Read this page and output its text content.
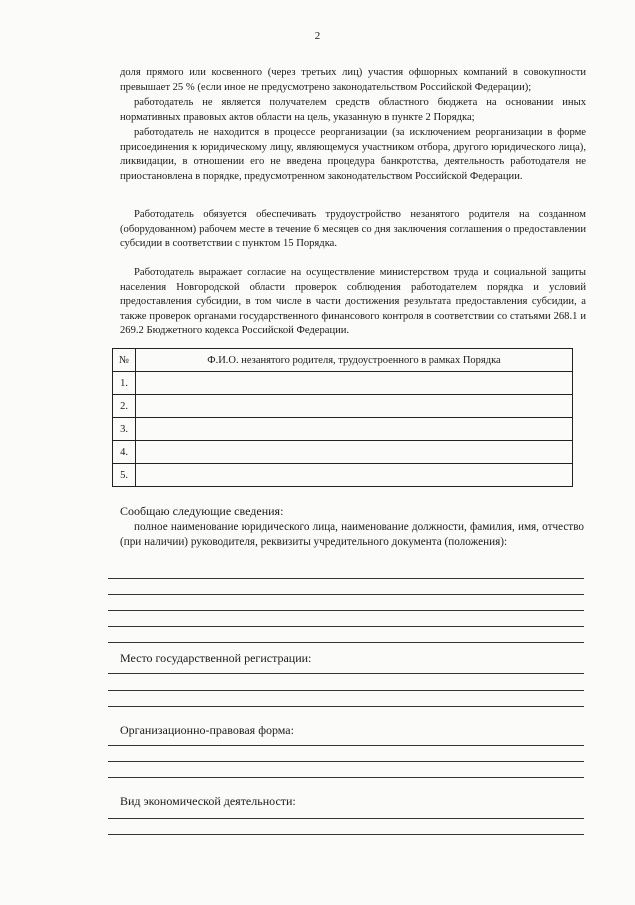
2
доля прямого или косвенного (через третьих лиц) участия офшорных компаний в совокупности превышает 25 % (если иное не предусмотрено законодательством Российской Федерации);
работодатель не является получателем средств областного бюджета на основании иных нормативных правовых актов области на цель, указанную в пункте 2 Порядка;
работодатель не находится в процессе реорганизации (за исключением реорганизации в форме присоединения к юридическому лицу, являющемуся участником отбора, другого юридического лица), ликвидации, в отношении его не введена процедура банкротства, деятельность работодателя не приостановлена в порядке, предусмотренном законодательством Российской Федерации.
Работодатель обязуется обеспечивать трудоустройство незанятого родителя на созданном (оборудованном) рабочем месте в течение 6 месяцев со дня заключения соглашения о предоставлении субсидии в соответствии с пунктом 15 Порядка.
Работодатель выражает согласие на осуществление министерством труда и социальной защиты населения Новгородской области проверок соблюдения работодателем порядка и условий предоставления субсидии, в том числе в части достижения результата предоставления субсидии, а также проверок органами государственного финансового контроля в соответствии со статьями 268.1 и 269.2 Бюджетного кодекса Российской Федерации.
№	Ф.И.О. незанятого родителя, трудоустроенного в рамках Порядка
1.	
2.	
3.	
4.	
5.	
Сообщаю следующие сведения:
полное наименование юридического лица, наименование должности, фамилия, имя, отчество (при наличии) руководителя, реквизиты учредительного документа (положения):
Место государственной регистрации:
Организационно-правовая форма:
Вид экономической деятельности:
